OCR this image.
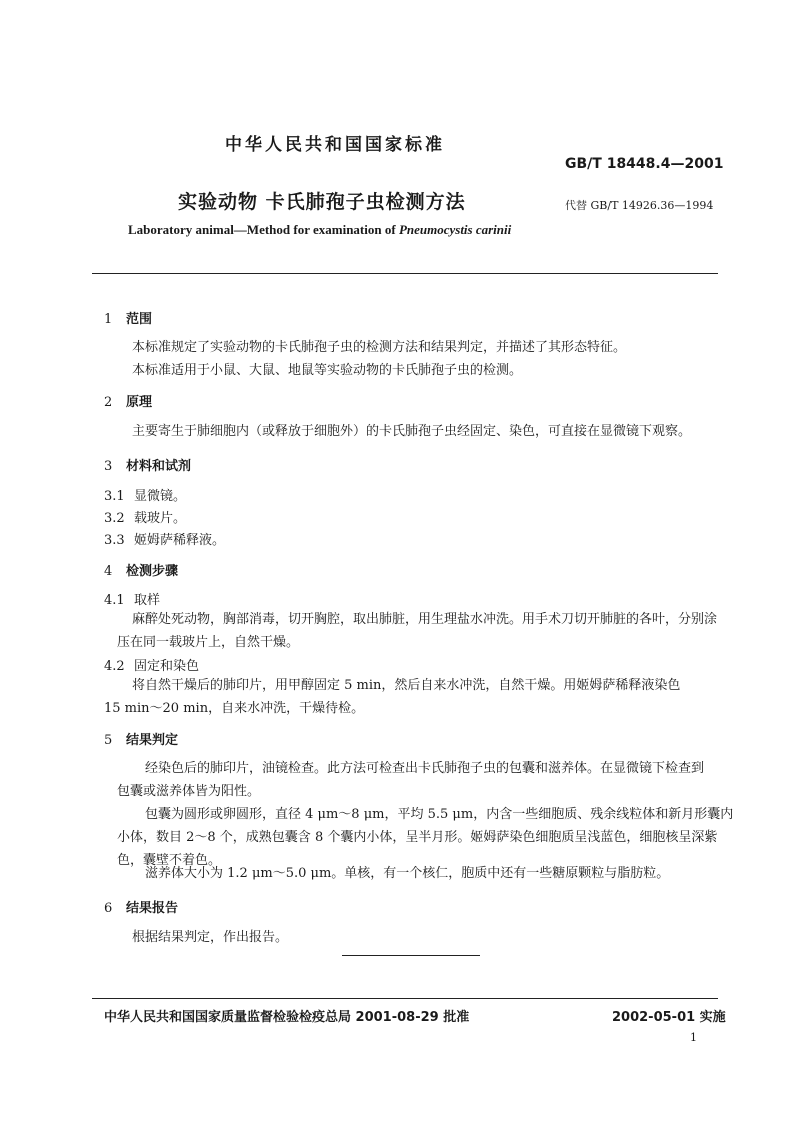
中华人民共和国国家标准
GB/T 18448.4—2001
实验动物 卡氏肺孢子虫检测方法	代替 GB/T 14926.36—1994
Laboratory animal—Method for examination of Pneumocystis carinii
1 范围
本标准规定了实验动物的卡氏肺孢子虫的检测方法和结果判定，并描述了其形态特征。
本标准适用于小鼠、大鼠、地鼠等实验动物的卡氏肺孢子虫的检测。
2 原理
主要寄生于肺细胞内（或释放于细胞外）的卡氏肺孢子虫经固定、染色，可直接在显微镜下观察。
3 材料和试剂
3.1 显微镜。
3.2 载玻片。
3.3 姬姆萨稀释液。
4 检测步骤
4.1 取样
麻醉处死动物，胸部消毒，切开胸腔，取出肺脏，用生理盐水冲洗。用手术刀切开肺脏的各叶，分别涂
压在同一载玻片上，自然干燥。
4.2 固定和染色
将自然干燥后的肺印片，用甲醇固定 5 min，然后自来水冲洗，自然干燥。用姬姆萨稀释液染色
15 min～20 min，自来水冲洗，干燥待检。
5 结果判定
经染色后的肺印片，油镜检查。此方法可检查出卡氏肺孢子虫的包囊和滋养体。在显微镜下检查到
包囊或滋养体皆为阳性。
包囊为圆形或卵圆形，直径 4 μm～8 μm，平均 5.5 μm，内含一些细胞质、残余线粒体和新月形囊内
小体，数目 2～8 个，成熟包囊含 8 个囊内小体，呈半月形。姬姆萨染色细胞质呈浅蓝色，细胞核呈深紫
色，囊壁不着色。
滋养体大小为 1.2 μm～5.0 μm。单核，有一个核仁，胞质中还有一些糖原颗粒与脂肪粒。
6 结果报告
根据结果判定，作出报告。
中华人民共和国国家质量监督检验检疫总局 2001-08-29 批准	2002-05-01 实施
1
